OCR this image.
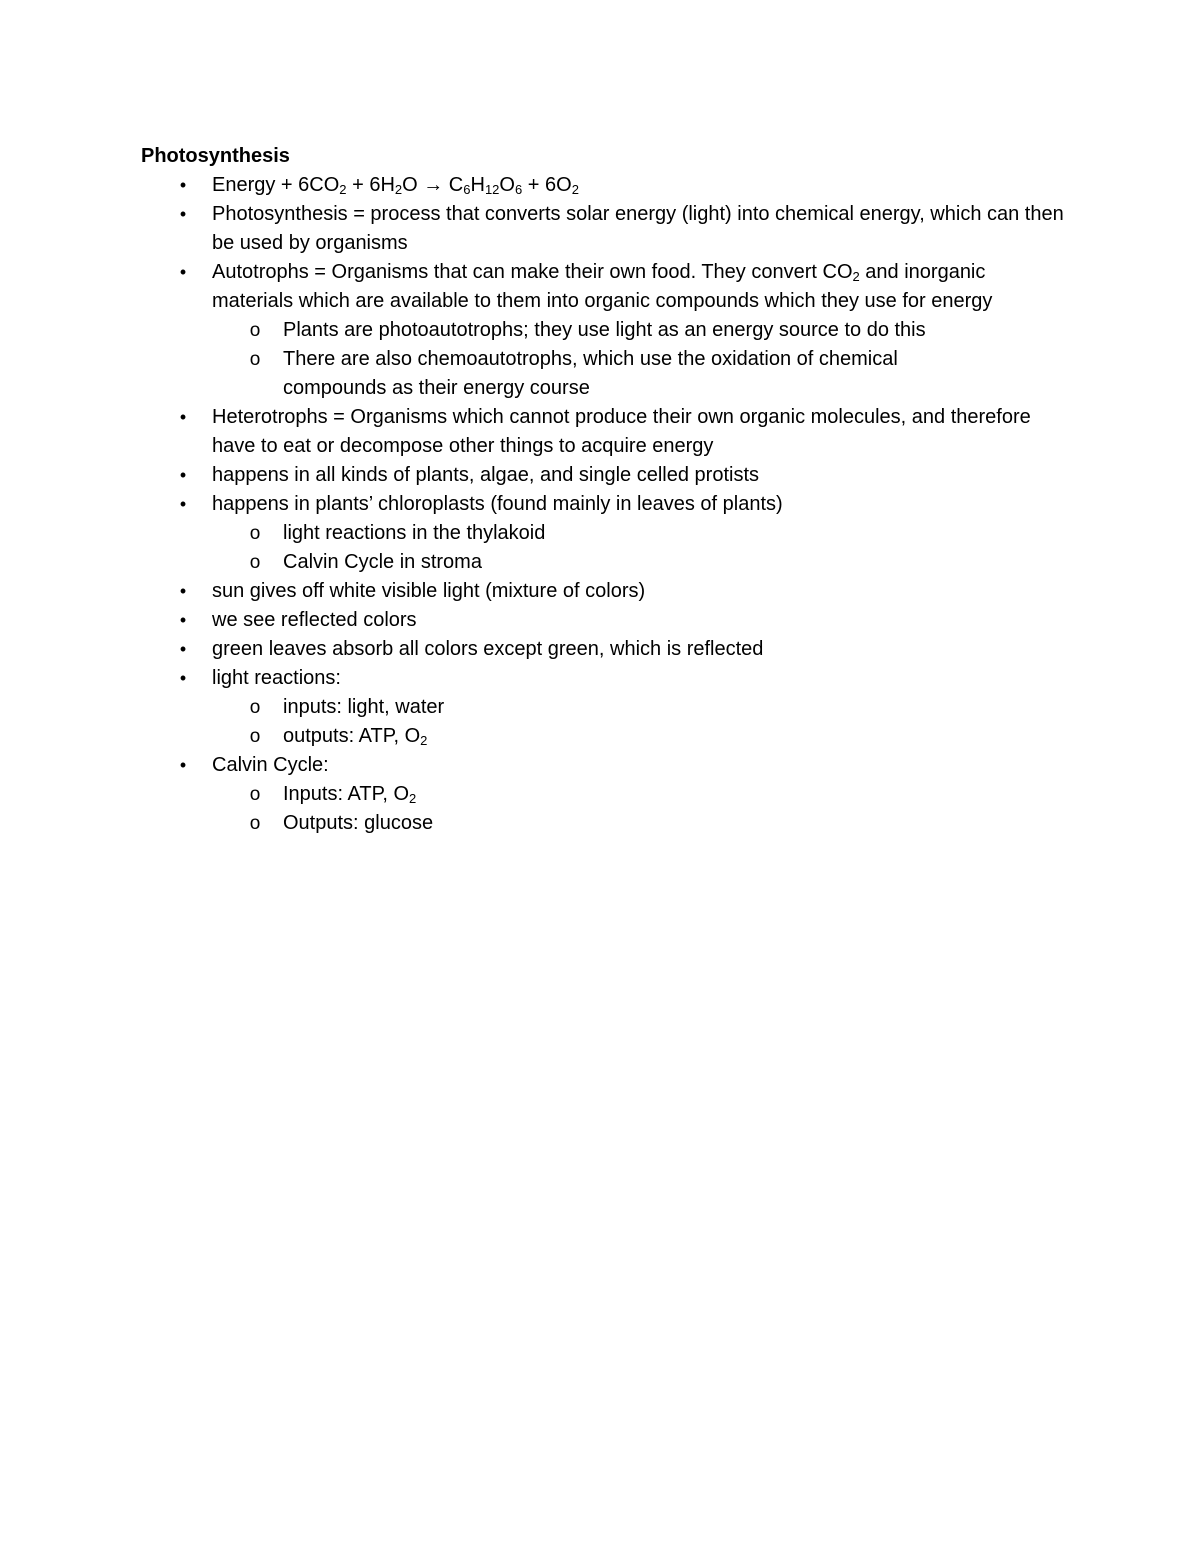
Photosynthesis
•	Energy + $6CO_2 + 6H_2O \to C_6H_{12}O_6 + 6O_2$
•	Photosynthesis = process that converts solar energy (light) into chemical energy, which can then be used by organisms
•	Autotrophs = Organisms that can make their own food. They convert $CO_2$ and inorganic materials which are available to them into organic compounds which they use for energy
o	Plants are photoautotrophs; they use light as an energy source to do this
o	There are also chemoautotrophs, which use the oxidation of chemical compounds as their energy course
•	Heterotrophs = Organisms which cannot produce their own organic molecules, and therefore have to eat or decompose other things to acquire energy
•	happens in all kinds of plants, algae, and single celled protists
•	happens in plants’ chloroplasts (found mainly in leaves of plants)
o	light reactions in the thylakoid
o	Calvin Cycle in stroma
•	sun gives off white visible light (mixture of colors)
•	we see reflected colors
•	green leaves absorb all colors except green, which is reflected
•	light reactions:
o	inputs: light, water
o	outputs: ATP, $O_2$
•	Calvin Cycle:
o	Inputs: ATP, $O_2$
o	Outputs: glucose
